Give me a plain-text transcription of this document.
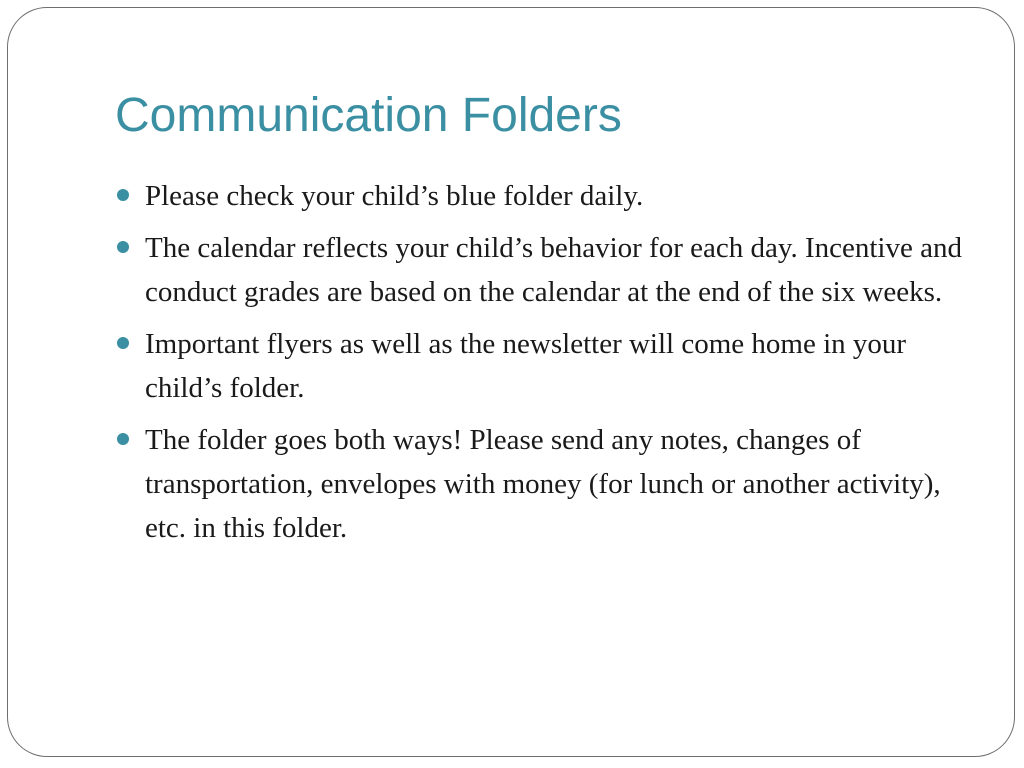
Communication Folders
Please check your child’s blue folder daily.
The calendar reflects your child’s behavior for each day. Incentive and conduct grades are based on the calendar at the end of the six weeks.
Important flyers as well as the newsletter will come home in your child’s folder.
The folder goes both ways! Please send any notes, changes of transportation, envelopes with money (for lunch or another activity), etc. in this folder.
